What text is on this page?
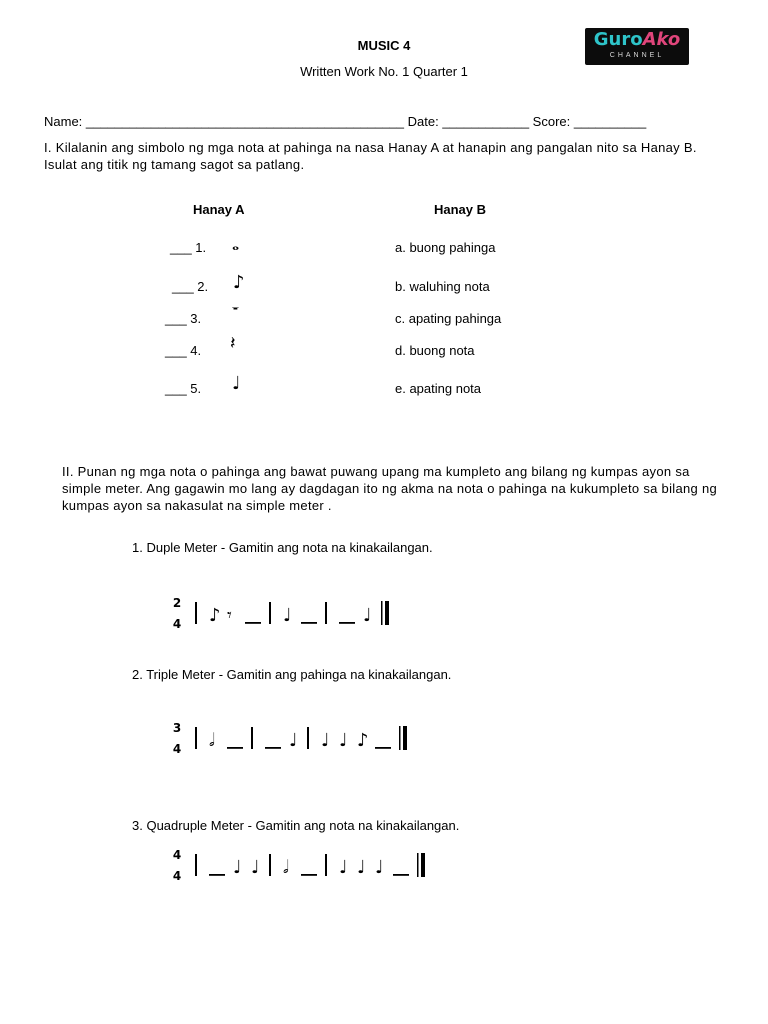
MUSIC 4
Written Work No. 1 Quarter 1
GuroAko
CHANNEL
Name: ____________________________________________ Date: ____________ Score: __________
I. Kilalanin ang simbolo ng mga nota at pahinga na nasa Hanay A at hanapin ang pangalan nito sa Hanay B. Isulat ang titik ng tamang sagot sa patlang.
Hanay A	Hanay B
___ 1. 𝅝	a. buong pahinga
___ 2. ♪	b. waluhing nota
___ 3. 𝄻	c. apating pahinga
___ 4. 𝄽	d. buong nota
___ 5. ♩	e. apating nota
II. Punan ng mga nota o pahinga ang bawat puwang upang ma kumpleto ang bilang ng kumpas ayon sa simple meter. Ang gagawin mo lang ay dagdagan ito ng akma na nota o pahinga na kukumpleto sa bilang ng kumpas ayon sa nakasulat na simple meter .
1. Duple Meter - Gamitin ang nota na kinakailangan.
2
4 ♪ 𝄾	♩	♩
2. Triple Meter - Gamitin ang pahinga na kinakailangan.
3
4 𝅗𝅥	♩ ♩ ♩ ♪
3. Quadruple Meter - Gamitin ang nota na kinakailangan.
4
4	♩ ♩ 𝅗𝅥	♩ ♩ ♩
